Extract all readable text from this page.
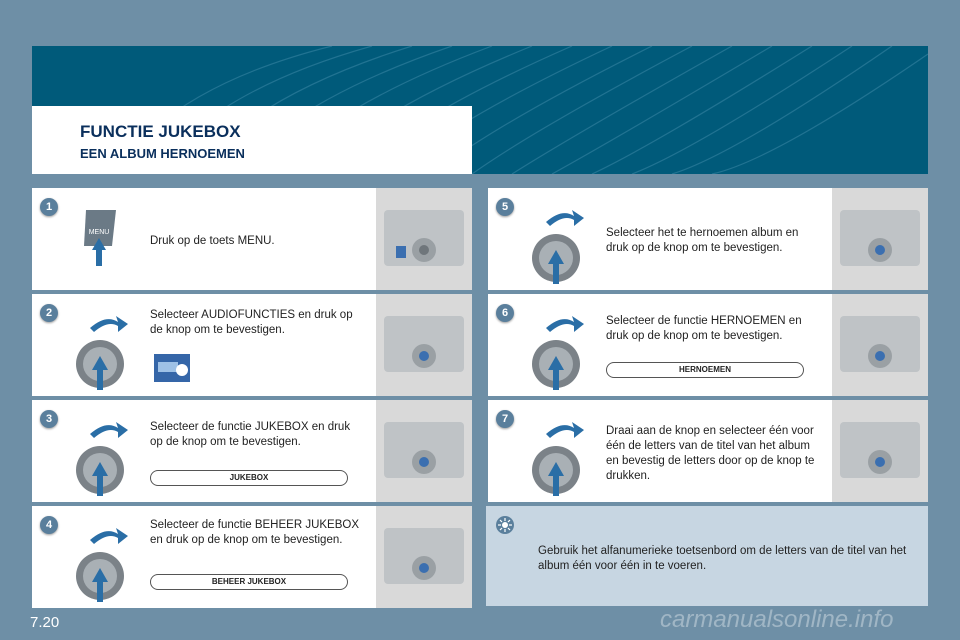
FUNCTIE JUKEBOX
EEN ALBUM HERNOEMEN
1
MENU
Druk op de toets MENU.
2	Selecteer AUDIOFUNCTIES en druk op de knop om te bevestigen.
3
Selecteer de functie JUKEBOX en druk op de knop om te bevestigen.
JUKEBOX
4	Selecteer de functie BEHEER JUKEBOX en druk op de knop om te bevestigen.
BEHEER JUKEBOX
5
Selecteer het te hernoemen album en druk op de knop om te bevestigen.
6
Selecteer de functie HERNOEMEN en druk op de knop om te bevestigen.
HERNOEMEN
7
Draai aan de knop en selecteer één voor één de letters van de titel van het album en bevestig de letters door op de knop te drukken.
Gebruik het alfanumerieke toetsenbord om de letters van de titel van het album één voor één in te voeren.
7.20	carmanualsonline.info
